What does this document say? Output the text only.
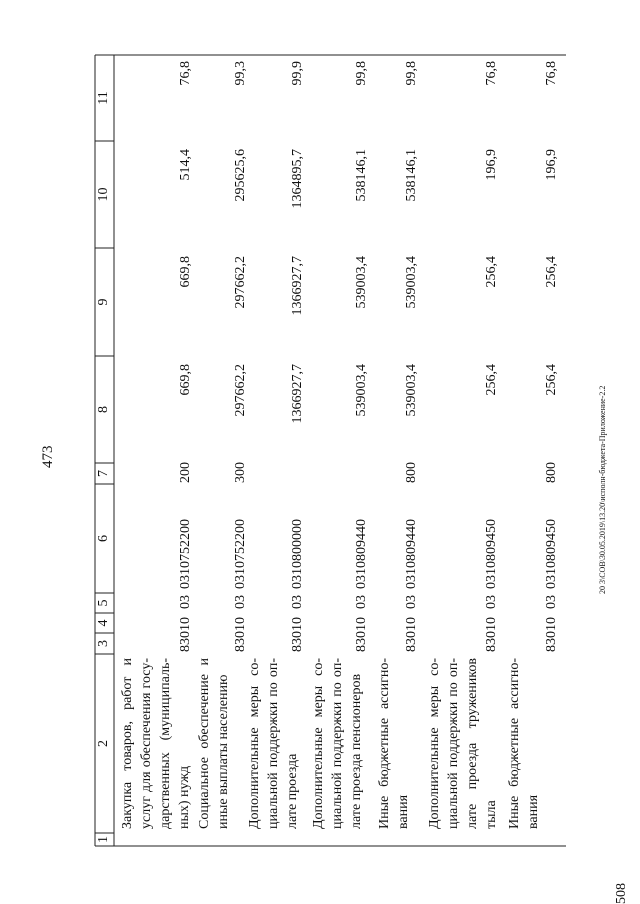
473
1
2
3
4
5
6
7
8
9
10
11
Закупка
товаров,
работ
и
услуг
для
обеспечения
госу-
дарственных
(муниципаль-
ных) нужд
830
10
03
0310752200
200
669,8
669,8
514,4
76,8
Социальное
обеспечение
и
иные выплаты населению
830
10
03
0310752200
300
297662,2
297662,2
295625,6
99,3
Дополнительные
меры
со-
циальной
поддержки
по
оп-
лате проезда
830
10
03
0310800000
1366927,7
1366927,7
1364895,7
99,9
Дополнительные
меры
со-
циальной
поддержки
по
оп-
лате проезда пенсионеров
830
10
03
0310809440
539003,4
539003,4
538146,1
99,8
Иные
бюджетные
ассигно-
вания
830
10
03
0310809440
800
539003,4
539003,4
538146,1
99,8
Дополнительные
меры
со-
циальной
поддержки
по
оп-
лате
проезда
тружеников
тыла
830
10
03
0310809450
256,4
256,4
196,9
76,8
Иные
бюджетные
ассигно-
вания
830
10
03
0310809450
800
256,4
256,4
196,9
76,8
20 3\СОВ\30.05.2019\13.20\исполн-бюджета-Приложение-2.2
508
